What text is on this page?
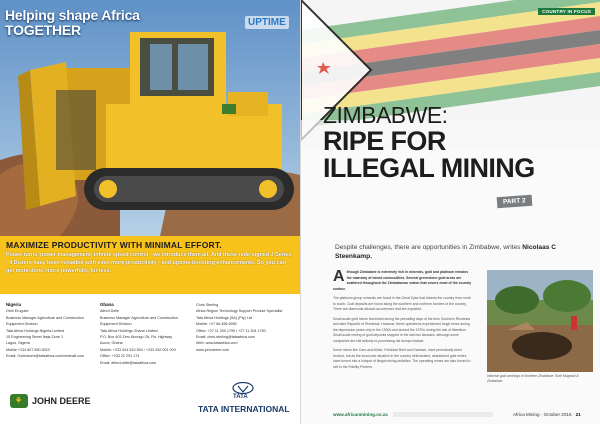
Helping shape Africa
TOGETHER	UPTIME
MAXIMIZE PRODUCTIVITY WITH MINIMAL EFFORT.
Power turns, power management, infinite speed control - we introduce them all. And these rede-signed J Series - II Dozers have been reloaded with even more productivity - and uptime-boosting enhancements. So you can get more done, more powerfully, for less.
Nigeria
Obiri Eruguke
Business Manager Agriculture and Construction
Equipment Division
Tata Africa Holdings Nigeria Limited
15 Engineering Street Ikeja Zone 1
Lagos, Nigeria
Mobile +234 807 850 8323
Email: Oobriotomi@tataafrica.com/nedmail.com
Ghana
Alfred Delle
Business Manager Agriculture and Construction
Equipment Division
Tata Africa Holdings Ghana Limited
P.O. Box 403 Zero Abongo Oil, Rd. Highway
Accra, Ghana
Mobile: +233 544 510 554 / +233 262 001 009
Office: +233 22 291 174
Email: alfred.delle@tataafrica.com
Chris Sterling
Africa Region Technology Support Product Specialist
Tata Africa Holdings (SA) (Pty) Ltd
Mobile: +27 66 496 6950
Office: +27 11 200 1790 / +27 11 304 1750
Email: chris.sterling@tataafrica.com
Web: www.tataafrica.com
www.johndeere.com
⚘ JOHN DEERE	TATA
TATA INTERNATIONAL
COUNTRY IN FOCUS
ZIMBABWE:
RIPE FOR
ILLEGAL MINING
PART 2
Despite challenges, there are opportunities in Zimbabwe, writes Nicolaas C Steenkamp.

A lthough Zimbabwe is extremely rich in minerals, gold and platinum remains the mainstay of mined commodities. Several greenstone gold areas are scattered throughout the Zimbabwean craton that covers most of the country surface.

The platinum group minerals are found in the Great Dyke that bisects the country from north to south. Coal deposits are found along the southern and northern borders of the country. There are diamonds alluvial occurrences that are exploited.

Small-scale gold mines flourished during the prevailing days of the then Southern Rhodesia and later Republic of Rhodesia. However, these operations experienced tough times during the depression years only in the 1930s and around the 1970s during the war of liberation. Small-scale mining of gold deposits stopped in the last two decades, although some companies are still actively re-processing old dumps instead.

Some mines like Cam-and-Motor, Felicidad Reef and Kwekwe, have periodically been revived, but as the economic situation in the country deteriorated, abandoned gold mines have turned into a hotspot of illegal mining activities. The operating mines are also forced to sell to the Fidelity Printers.

Informal gold workings in Northern Zimbabwe. Ruth Mugodzi & Zimbabwe.
www.africanmining.co.za	Africa Mining · October 2016 · 21
